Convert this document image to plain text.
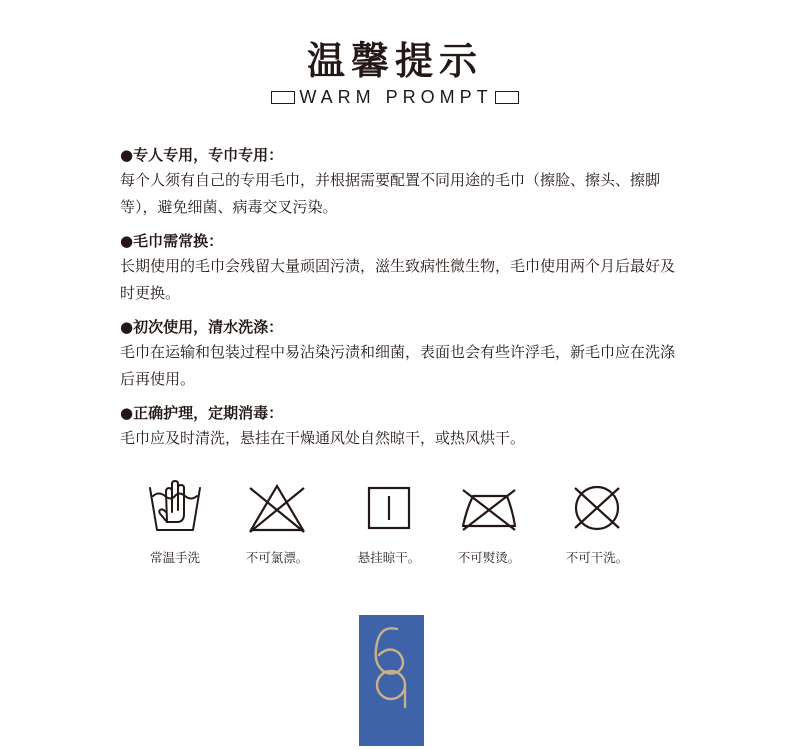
温馨提示
WARM PROMPT
●专人专用，专巾专用：
每个人须有自己的专用毛巾，并根据需要配置不同用途的毛巾（擦脸、擦头、擦脚等），避免细菌、病毒交叉污染。
●毛巾需常换：
长期使用的毛巾会残留大量顽固污渍，滋生致病性微生物，毛巾使用两个月后最好及时更换。
●初次使用，清水洗涤：
毛巾在运输和包装过程中易沾染污渍和细菌，表面也会有些许浮毛，新毛巾应在洗涤后再使用。
●正确护理，定期消毒：
毛巾应及时清洗，悬挂在干燥通风处自然晾干，或热风烘干。
常温手洗	不可氯漂。	悬挂晾干。	不可熨烫。	不可干洗。
